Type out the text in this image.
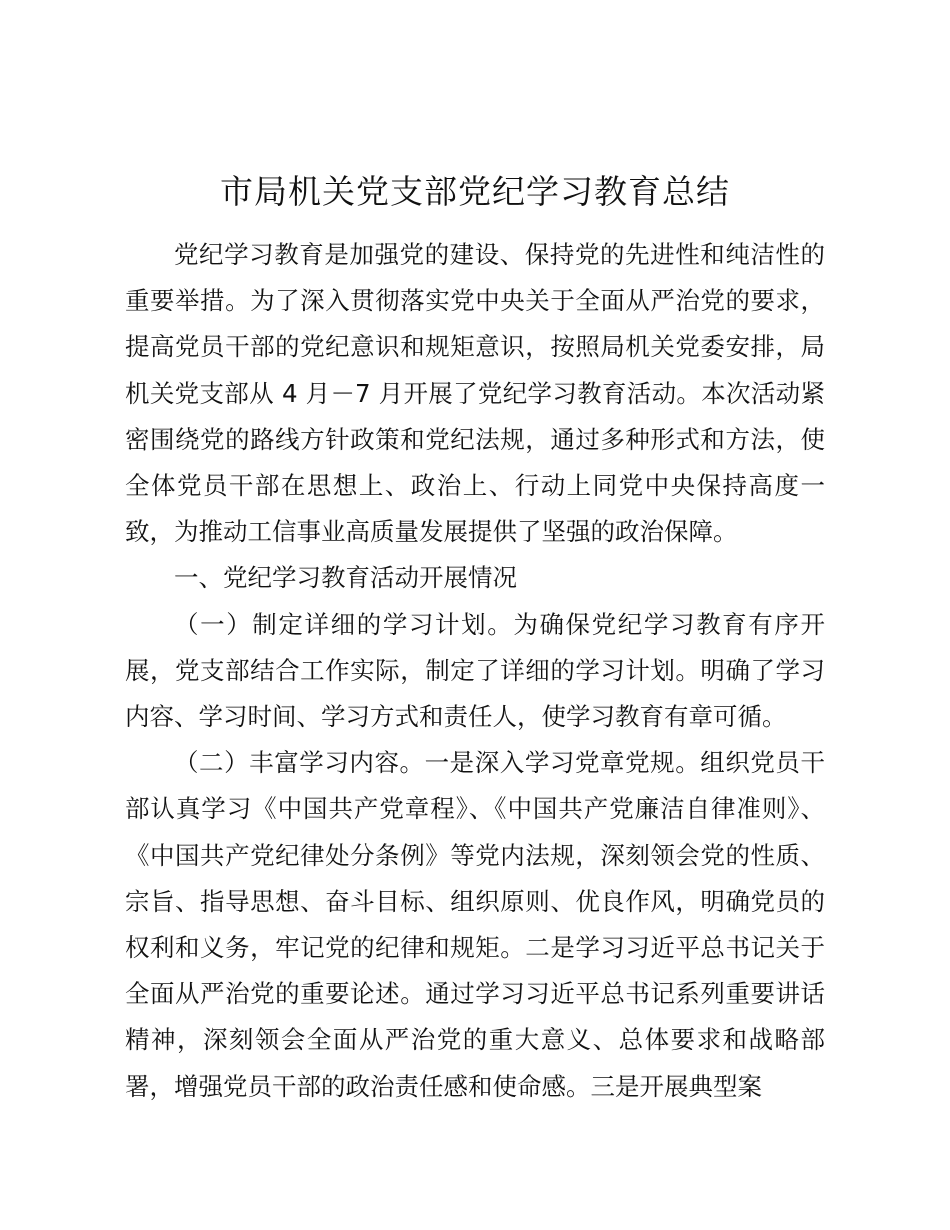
市局机关党支部党纪学习教育总结

党纪学习教育是加强党的建设、保持党的先进性和纯洁性的重要举措。为了深入贯彻落实党中央关于全面从严治党的要求，提高党员干部的党纪意识和规矩意识，按照局机关党委安排，局机关党支部从 4 月－7 月开展了党纪学习教育活动。本次活动紧密围绕党的路线方针政策和党纪法规，通过多种形式和方法，使全体党员干部在思想上、政治上、行动上同党中央保持高度一致，为推动工信事业高质量发展提供了坚强的政治保障。

一、党纪学习教育活动开展情况

（一）制定详细的学习计划。为确保党纪学习教育有序开展，党支部结合工作实际，制定了详细的学习计划。明确了学习内容、学习时间、学习方式和责任人，使学习教育有章可循。

（二）丰富学习内容。一是深入学习党章党规。组织党员干部认真学习《中国共产党章程》、《中国共产党廉洁自律准则》、《中国共产党纪律处分条例》等党内法规，深刻领会党的性质、宗旨、指导思想、奋斗目标、组织原则、优良作风，明确党员的权利和义务，牢记党的纪律和规矩。二是学习习近平总书记关于全面从严治党的重要论述。通过学习习近平总书记系列重要讲话精神，深刻领会全面从严治党的重大意义、总体要求和战略部署，增强党员干部的政治责任感和使命感。三是开展典型案
